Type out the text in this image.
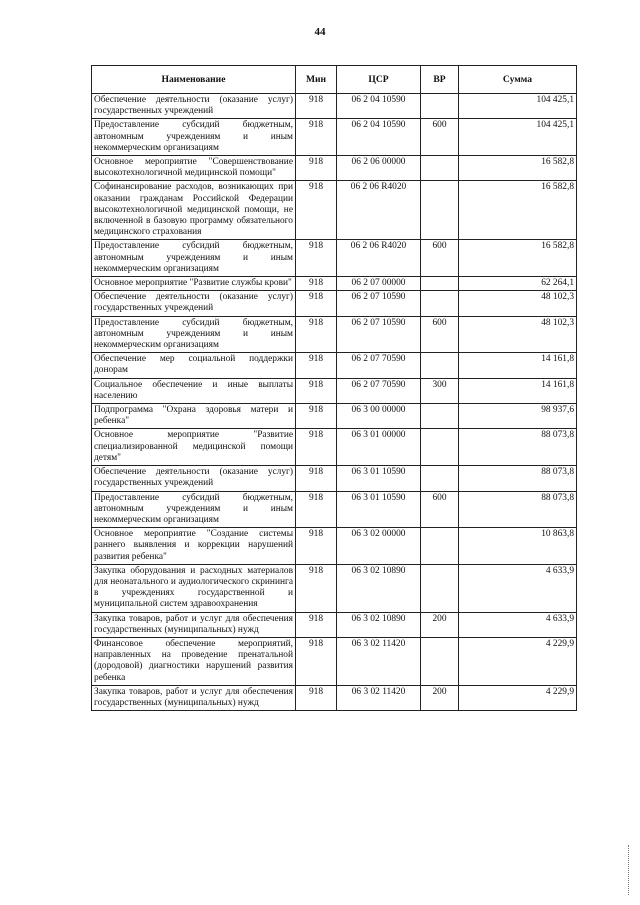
44
Наименование	Мин	ЦСР	ВР	Сумма
Обеспечение деятельности (оказание услуг) государственных учреждений	918	06 2 04 10590		104 425,1
Предоставление субсидий бюджетным, автономным учреждениям и иным некоммерческим организациям	918	06 2 04 10590	600	104 425,1
Основное мероприятие "Совершенствование высокотехнологичной медицинской помощи"	918	06 2 06 00000		16 582,8
Софинансирование расходов, возникающих при оказании гражданам Российской Федерации высокотехнологичной медицинской помощи, не включенной в базовую программу обязательного медицинского страхования	918	06 2 06 R4020		16 582,8
Предоставление субсидий бюджетным, автономным учреждениям и иным некоммерческим организациям	918	06 2 06 R4020	600	16 582,8
Основное мероприятие "Развитие службы крови"	918	06 2 07 00000		62 264,1
Обеспечение деятельности (оказание услуг) государственных учреждений	918	06 2 07 10590		48 102,3
Предоставление субсидий бюджетным, автономным учреждениям и иным некоммерческим организациям	918	06 2 07 10590	600	48 102,3
Обеспечение мер социальной поддержки донорам	918	06 2 07 70590		14 161,8
Социальное обеспечение и иные выплаты населению	918	06 2 07 70590	300	14 161,8
Подпрограмма "Охрана здоровья матери и ребенка"	918	06 3 00 00000		98 937,6
Основное мероприятие "Развитие специализированной медицинской помощи детям"	918	06 3 01 00000		88 073,8
Обеспечение деятельности (оказание услуг) государственных учреждений	918	06 3 01 10590		88 073,8
Предоставление субсидий бюджетным, автономным учреждениям и иным некоммерческим организациям	918	06 3 01 10590	600	88 073,8
Основное мероприятие "Создание системы раннего выявления и коррекции нарушений развития ребенка"	918	06 3 02 00000		10 863,8
Закупка оборудования и расходных материалов для неонатального и аудиологического скрининга в учреждениях государственной и муниципальной систем здравоохранения	918	06 3 02 10890		4 633,9
Закупка товаров, работ и услуг для обеспечения государственных (муниципальных) нужд	918	06 3 02 10890	200	4 633,9
Финансовое обеспечение мероприятий, направленных на проведение пренатальной (дородовой) диагностики нарушений развития ребенка	918	06 3 02 11420		4 229,9
Закупка товаров, работ и услуг для обеспечения государственных (муниципальных) нужд	918	06 3 02 11420	200	4 229,9
